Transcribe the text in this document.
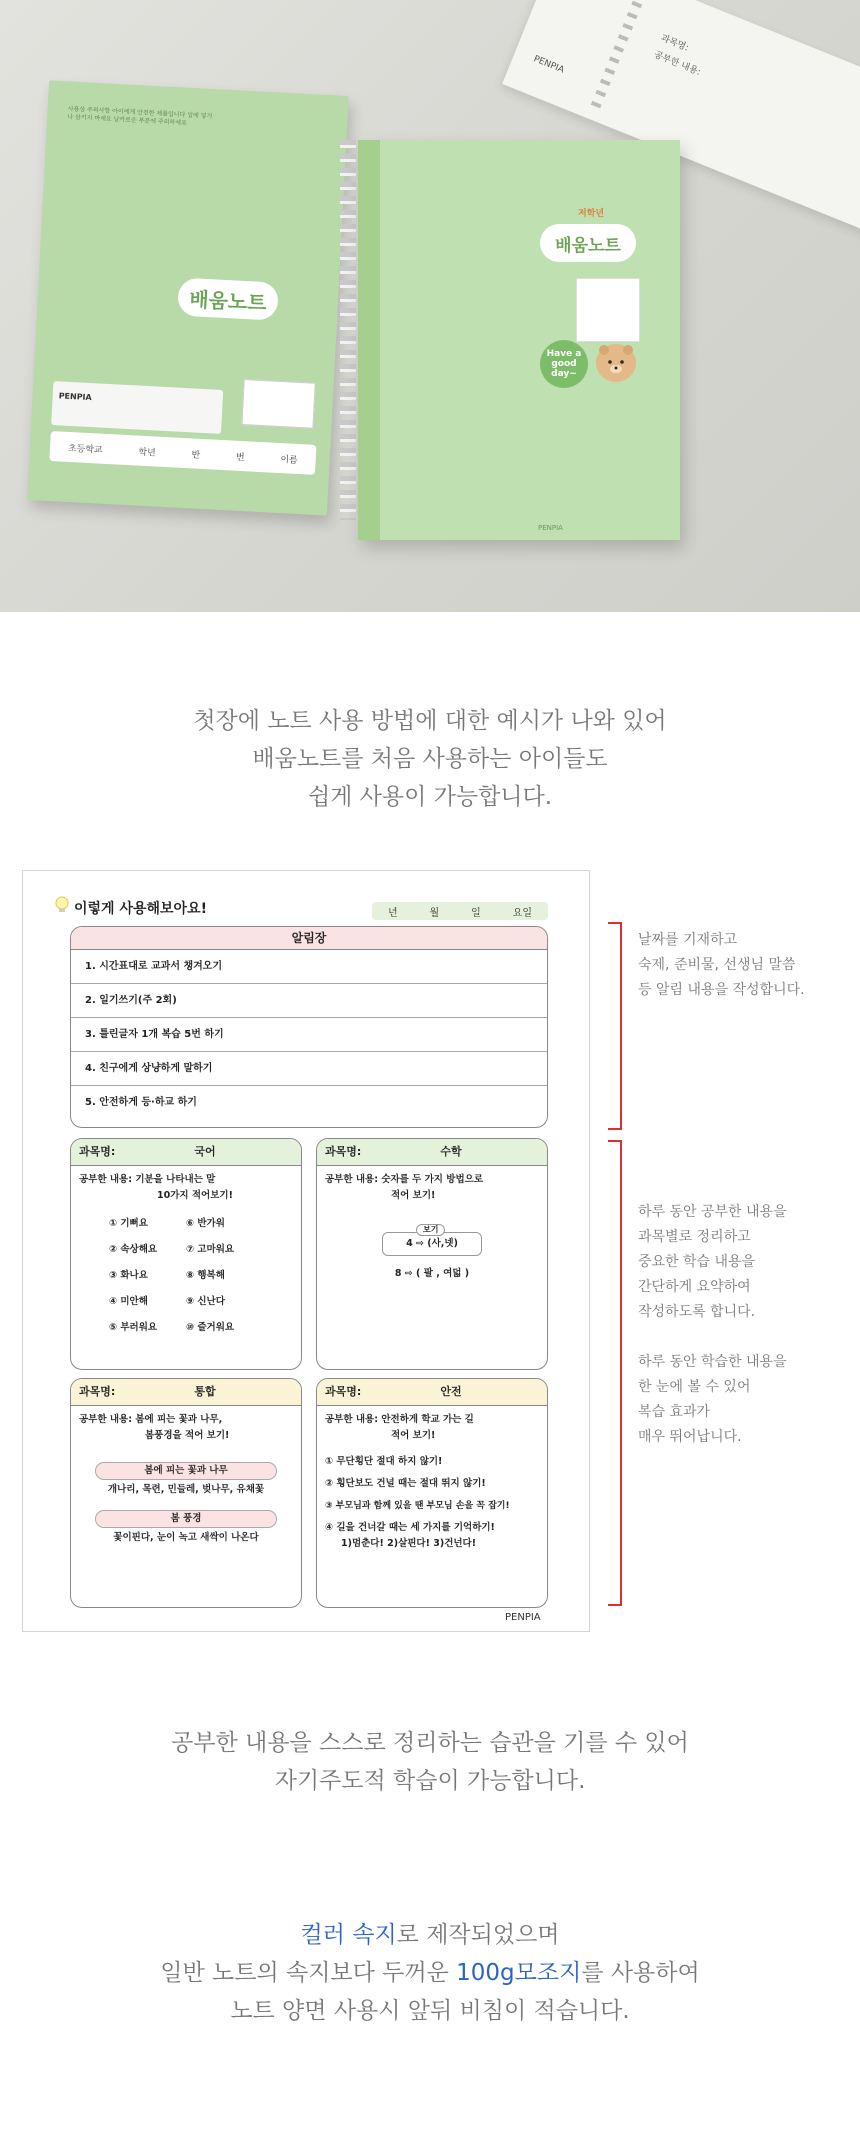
과목명:
공부한 내용:
PENPIA
사용상 주의사항 아이에게 안전한 제품입니다 입에 넣거나 삼키지 마세요 날카로운 부분에 주의하세요
배움노트
PENPIA
초등학교	학년	반	번	이름
저학년
배움노트
Have a good day~
PENPIA
첫장에 노트 사용 방법에 대한 예시가 나와 있어
배움노트를 처음 사용하는 아이들도
쉽게 사용이 가능합니다.
이렇게 사용해보아요!	년	월	일	요일
알림장
1. 시간표대로 교과서 챙겨오기
2. 일기쓰기(주 2회)
3. 틀린글자 1개 복습 5번 하기
4. 친구에게 상냥하게 말하기
5. 안전하게 등·하교 하기
과목명:	국어
공부한 내용: 기분을 나타내는 말
10가지 적어보기!
① 기뻐요	⑥ 반가워
② 속상해요	⑦ 고마워요
③ 화나요	⑧ 행복해
④ 미안해	⑨ 신난다
⑤ 부러워요	⑩ 즐거워요
과목명:	수학
공부한 내용: 숫자를 두 가지 방법으로
적어 보기!
보기
4 ⇨ (사,넷)
8 ⇨ ( 팔 , 여덟 )
과목명:	통합
공부한 내용: 봄에 피는 꽃과 나무,
봄풍경을 적어 보기!
봄에 피는 꽃과 나무
개나리, 목련, 민들레, 벚나무, 유채꽃
봄 풍경
꽃이핀다, 눈이 녹고 새싹이 나온다
과목명:	안전
공부한 내용: 안전하게 학교 가는 길
적어 보기!
① 무단횡단 절대 하지 않기!
② 횡단보도 건널 때는 절대 뛰지 않기!
③ 부모님과 함께 있을 땐 부모님 손을 꼭 잡기!
④ 길을 건너갈 때는 세 가지를 기억하기!
1)멈춘다! 2)살핀다! 3)건넌다!
PENPIA
날짜를 기재하고
숙제, 준비물, 선생님 말씀
등 알림 내용을 작성합니다.
하루 동안 공부한 내용을
과목별로 정리하고
중요한 학습 내용을
간단하게 요약하여
작성하도록 합니다.
하루 동안 학습한 내용을
한 눈에 볼 수 있어
복습 효과가
매우 뛰어납니다.
공부한 내용을 스스로 정리하는 습관을 기를 수 있어
자기주도적 학습이 가능합니다.
컬러 속지로 제작되었으며
일반 노트의 속지보다 두꺼운 100g모조지를 사용하여
노트 양면 사용시 앞뒤 비침이 적습니다.
